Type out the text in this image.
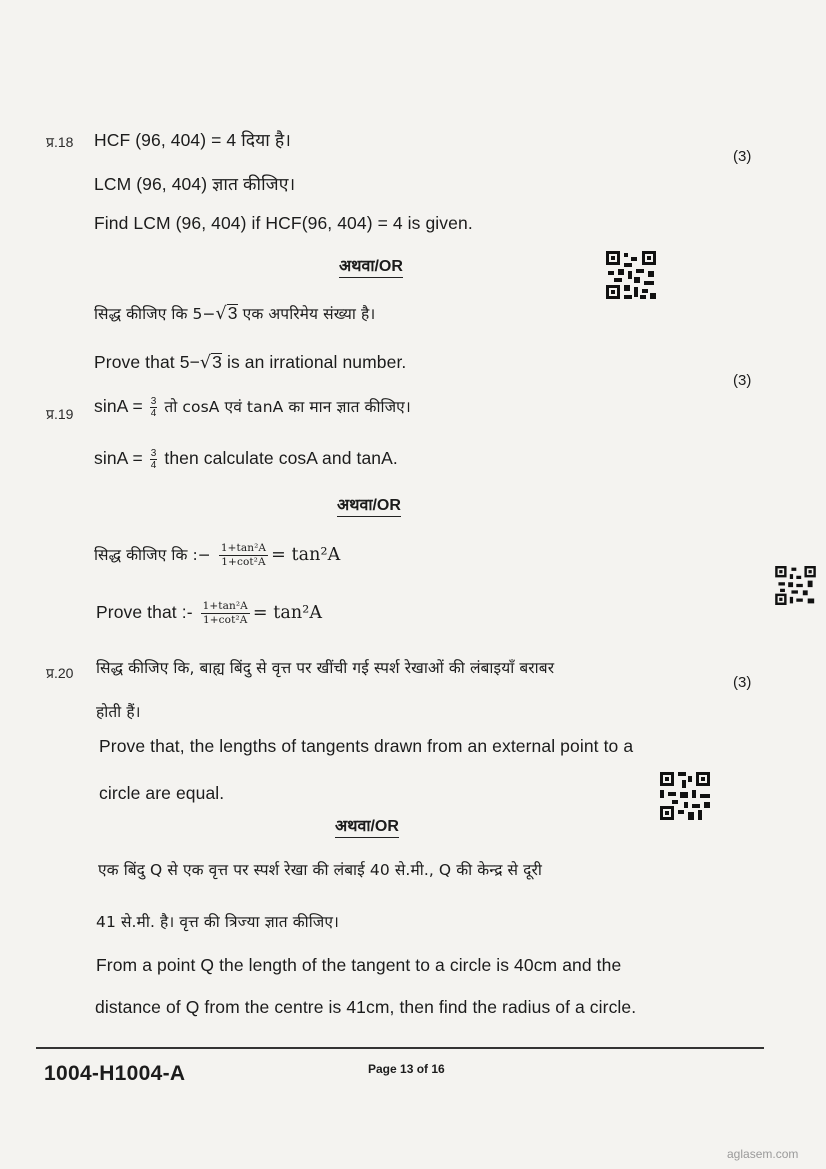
प्र.18 HCF (96, 404) = 4 दिया है।
LCM (96, 404) ज्ञात कीजिए।
(3)
Find LCM (96, 404) if HCF(96, 404) = 4 is given.
अथवा/OR
सिद्ध कीजिए कि 5−√3 एक अपरिमेय संख्या है।
Prove that 5−√3 is an irrational number.
(3)
प्र.19 $\sin A = \frac{3}{4}$ तो cosA एवं tanA का मान ज्ञात कीजिए।
$\sin A = \frac{3}{4}$ then calculate cosA and tanA.
अथवा/OR
सिद्ध कीजिए कि :− $\frac{\text{1+tan²A}}{\text{1+cot²A}} = \tan^2A$
Prove that :- $\frac{\text{1+tan²A}}{\text{1+cot²A}} = \tan^2A$
प्र.20 सिद्ध कीजिए कि, बाह्य बिंदु से वृत्त पर खींची गई स्पर्श रेखाओं की लंबाइयाँ बराबर
(3)
होती हैं।
Prove that, the lengths of tangents drawn from an external point to a
circle are equal.
अथवा/OR
एक बिंदु Q से एक वृत्त पर स्पर्श रेखा की लंबाई 40 से.मी., Q की केन्द्र से दूरी
41 से.मी. है। वृत्त की त्रिज्या ज्ञात कीजिए।
From a point Q the length of the tangent to a circle is 40cm and the
distance of Q from the centre is 41cm, then find the radius of a circle.
1004-H1004-A	Page 13 of 16
aglasem.com
